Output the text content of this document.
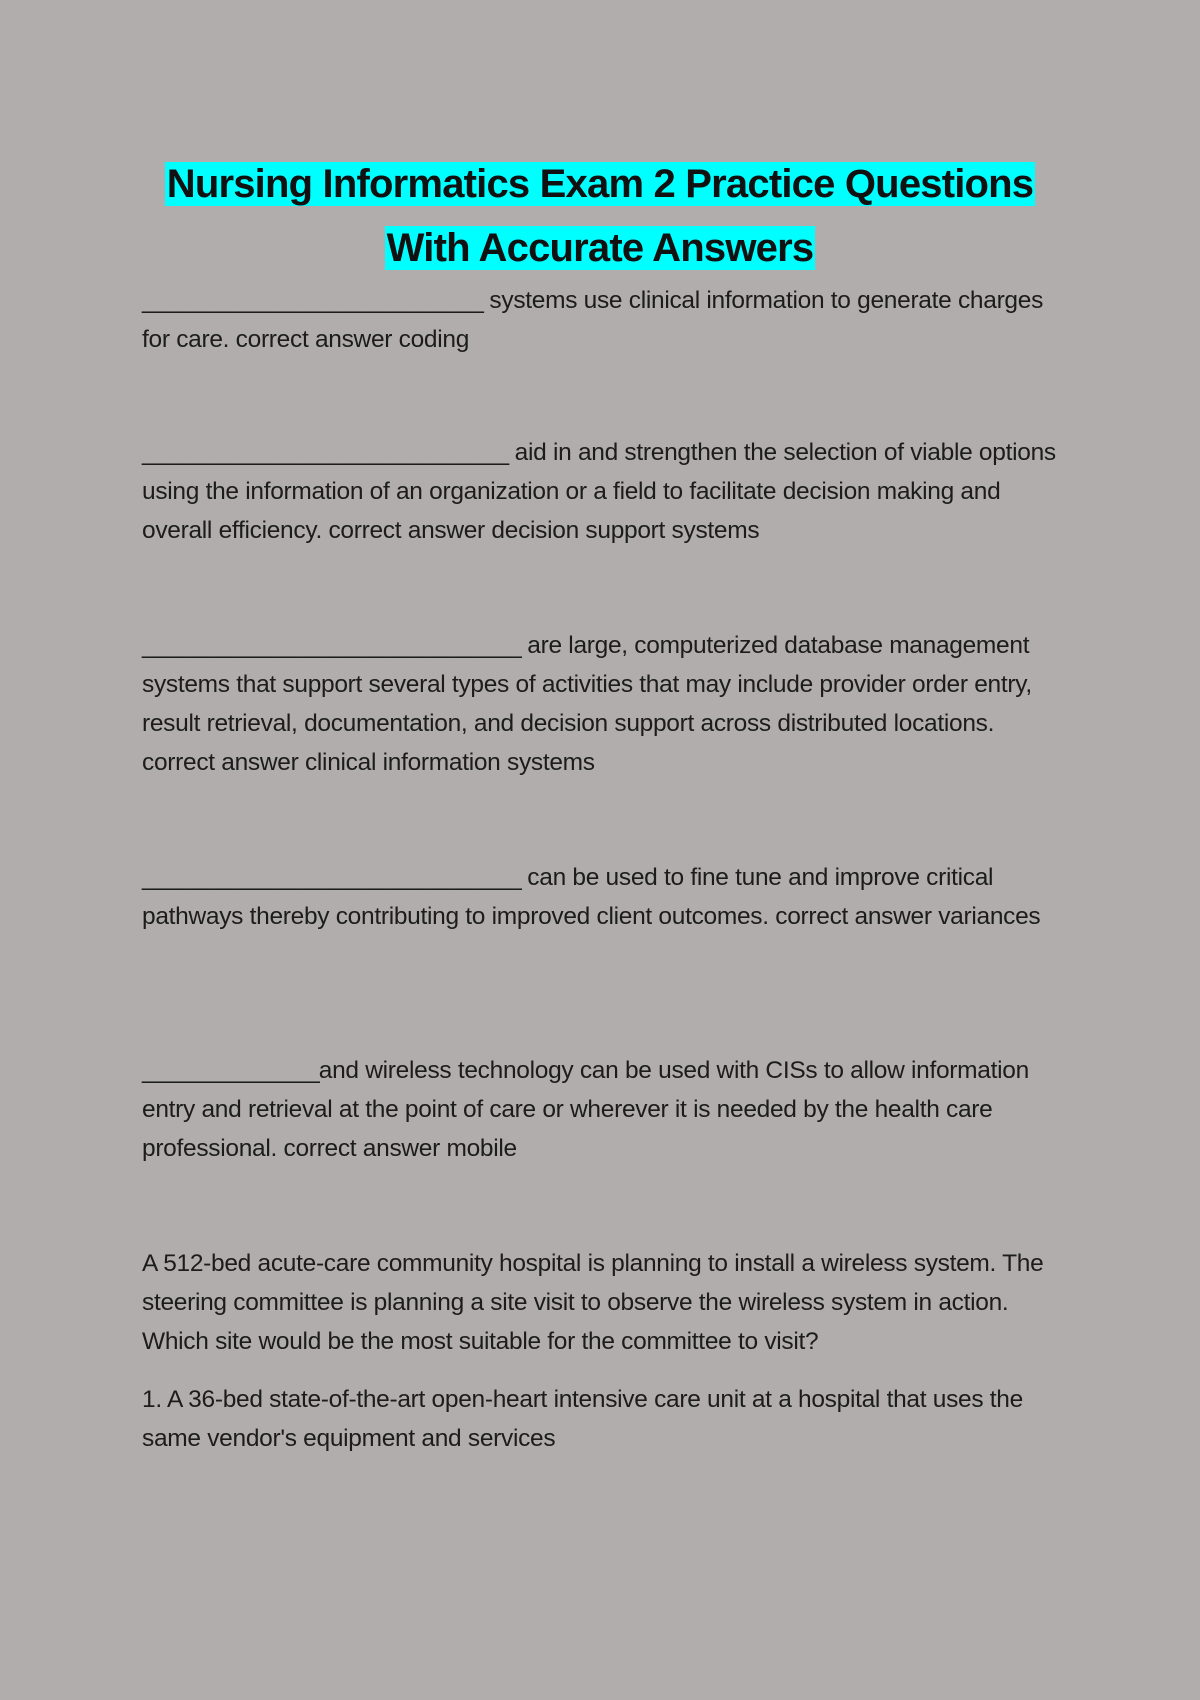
Nursing Informatics Exam 2 Practice Questions
With Accurate Answers

___________________________ systems use clinical information to generate charges for care. correct answer coding

_____________________________ aid in and strengthen the selection of viable options using the information of an organization or a field to facilitate decision making and overall efficiency. correct answer decision support systems

______________________________ are large, computerized database management systems that support several types of activities that may include provider order entry, result retrieval, documentation, and decision support across distributed locations. correct answer clinical information systems

______________________________ can be used to fine tune and improve critical pathways thereby contributing to improved client outcomes. correct answer variances

______________and wireless technology can be used with CISs to allow information entry and retrieval at the point of care or wherever it is needed by the health care professional. correct answer mobile

A 512-bed acute-care community hospital is planning to install a wireless system. The steering committee is planning a site visit to observe the wireless system in action. Which site would be the most suitable for the committee to visit?

1. A 36-bed state-of-the-art open-heart intensive care unit at a hospital that uses the same vendor's equipment and services
